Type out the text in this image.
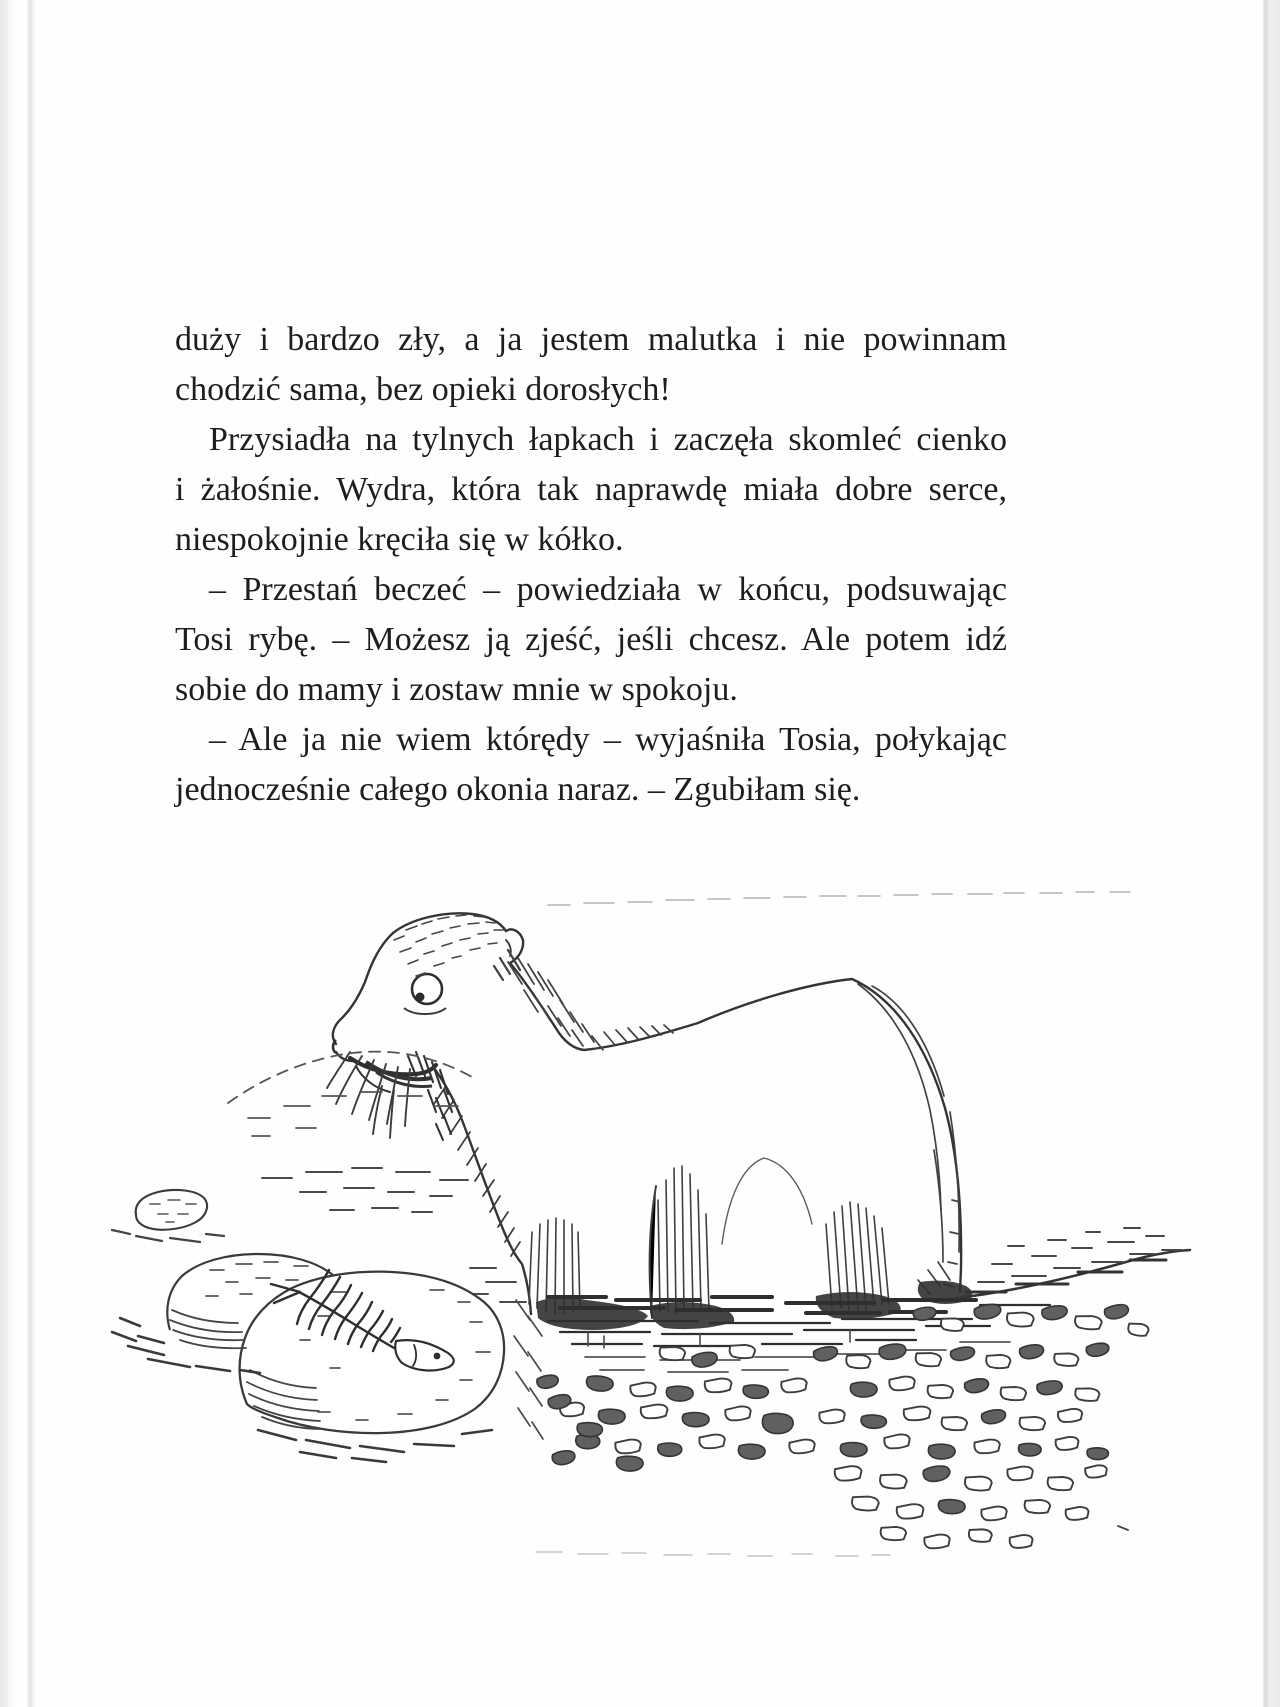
duży i bardzo zły, a ja jestem malutka i nie powinnam
chodzić sama, bez opieki dorosłych!
Przysiadła na tylnych łapkach i zaczęła skomleć cienko
i żałośnie. Wydra, która tak naprawdę miała dobre serce,
niespokojnie kręciła się w kółko.
– Przestań beczeć – powiedziała w końcu, podsuwając
Tosi rybę. – Możesz ją zjeść, jeśli chcesz. Ale potem idź
sobie do mamy i zostaw mnie w spokoju.
– Ale ja nie wiem którędy – wyjaśniła Tosia, połykając
jednocześnie całego okonia naraz. – Zgubiłam się.
